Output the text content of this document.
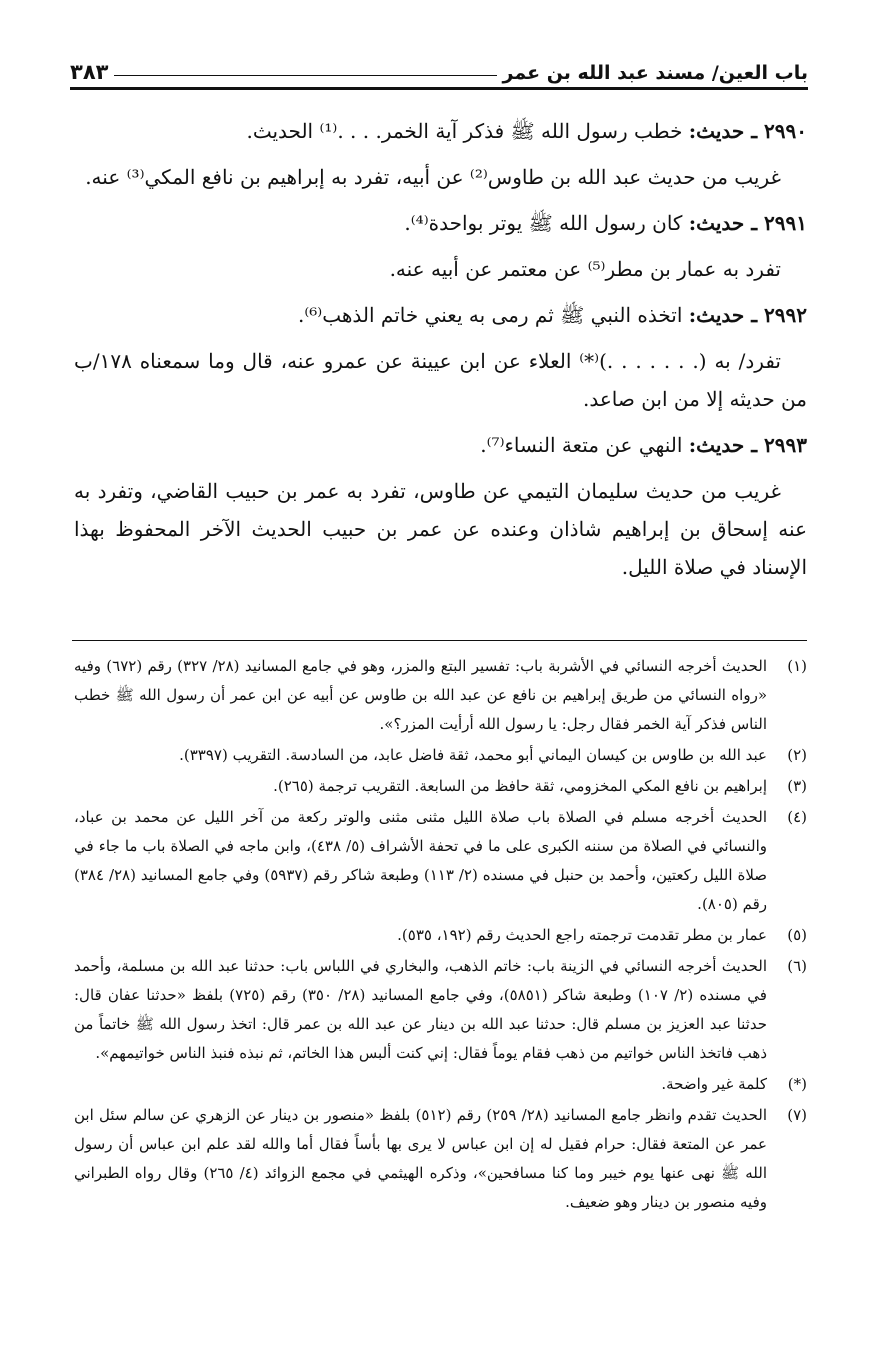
باب العين/ مسند عبد الله بن عمر
٣٨٣

٢٩٩٠ ـ حديث: خطب رسول الله ﷺ فذكر آية الخمر. . . .⁽¹⁾ الحديث.

غريب من حديث عبد الله بن طاوس⁽²⁾ عن أبيه، تفرد به إبراهيم بن نافع المكي⁽³⁾ عنه.

٢٩٩١ ـ حديث: كان رسول الله ﷺ يوتر بواحدة⁽⁴⁾.

تفرد به عمار بن مطر⁽⁵⁾ عن معتمر عن أبيه عنه.

٢٩٩٢ ـ حديث: اتخذه النبي ﷺ ثم رمى به يعني خاتم الذهب⁽⁶⁾.

تفرد/ به (. . . . . . .)⁽*⁾ العلاء عن ابن عيينة عن عمرو عنه، قال وما سمعناه ١٧٨/ب من حديثه إلا من ابن صاعد.

٢٩٩٣ ـ حديث: النهي عن متعة النساء⁽⁷⁾.

غريب من حديث سليمان التيمي عن طاوس، تفرد به عمر بن حبيب القاضي، وتفرد به عنه إسحاق بن إبراهيم شاذان وعنده عن عمر بن حبيب الحديث الآخر المحفوظ بهذا الإسناد في صلاة الليل.

(١)
الحديث أخرجه النسائي في الأشربة باب: تفسير البتع والمزر، وهو في جامع المسانيد (٢٨/ ٣٢٧) رقم (٦٧٢) وفيه «رواه النسائي من طريق إبراهيم بن نافع عن عبد الله بن طاوس عن أبيه عن ابن عمر أن رسول الله ﷺ خطب الناس فذكر آية الخمر فقال رجل: يا رسول الله أرأيت المزر؟».
(٢)
عبد الله بن طاوس بن كيسان اليماني أبو محمد، ثقة فاضل عابد، من السادسة. التقريب (٣٣٩٧).
(٣)
إبراهيم بن نافع المكي المخزومي، ثقة حافظ من السابعة. التقريب ترجمة (٢٦٥).
(٤)
الحديث أخرجه مسلم في الصلاة باب صلاة الليل مثنى مثنى والوتر ركعة من آخر الليل عن محمد بن عباد، والنسائي في الصلاة من سننه الكبرى على ما في تحفة الأشراف (٥/ ٤٣٨)، وابن ماجه في الصلاة باب ما جاء في صلاة الليل ركعتين، وأحمد بن حنبل في مسنده (٢/ ١١٣) وطبعة شاكر رقم (٥٩٣٧) وفي جامع المسانيد (٢٨/ ٣٨٤) رقم (٨٠٥).
(٥)
عمار بن مطر تقدمت ترجمته راجع الحديث رقم (١٩٢، ٥٣٥).
(٦)
الحديث أخرجه النسائي في الزينة باب: خاتم الذهب، والبخاري في اللباس باب: حدثنا عبد الله بن مسلمة، وأحمد في مسنده (٢/ ١٠٧) وطبعة شاكر (٥٨٥١)، وفي جامع المسانيد (٢٨/ ٣٥٠) رقم (٧٢٥) بلفظ «حدثنا عفان قال: حدثنا عبد العزيز بن مسلم قال: حدثنا عبد الله بن دينار عن عبد الله بن عمر قال: اتخذ رسول الله ﷺ خاتماً من ذهب فاتخذ الناس خواتيم من ذهب فقام يوماً فقال: إني كنت ألبس هذا الخاتم، ثم نبذه فنبذ الناس خواتيمهم».
(*)
كلمة غير واضحة.
(٧)
الحديث تقدم وانظر جامع المسانيد (٢٨/ ٢٥٩) رقم (٥١٢) بلفظ «منصور بن دينار عن الزهري عن سالم سئل ابن عمر عن المتعة فقال: حرام فقيل له إن ابن عباس لا يرى بها بأساً فقال أما والله لقد علم ابن عباس أن رسول الله ﷺ نهى عنها يوم خيبر وما كنا مسافحين»، وذكره الهيثمي في مجمع الزوائد (٤/ ٢٦٥) وقال رواه الطبراني وفيه منصور بن دينار وهو ضعيف.
